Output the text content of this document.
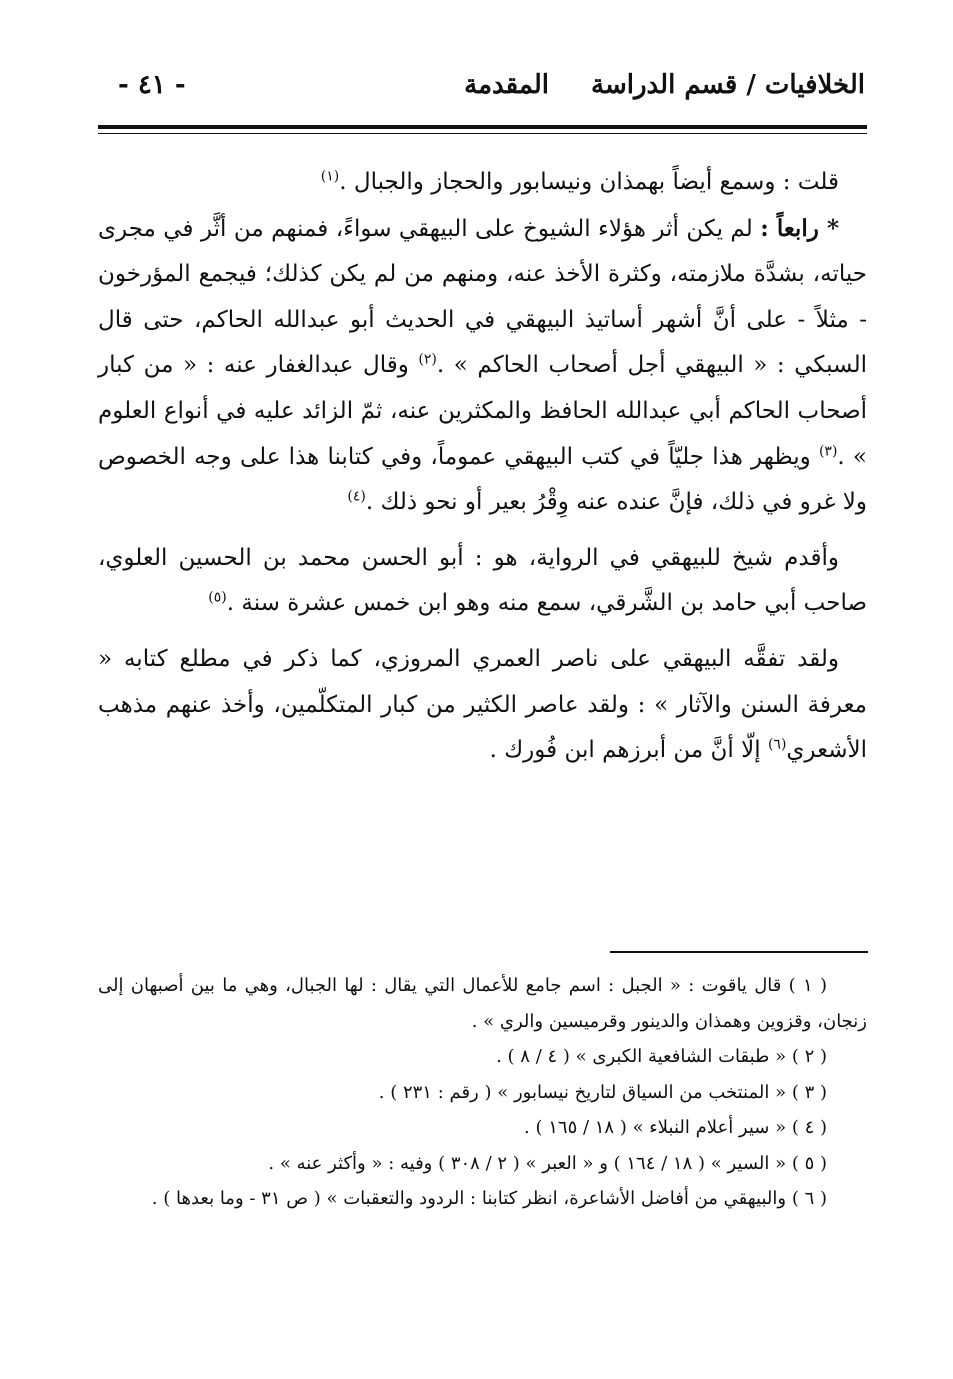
الخلافيات / قسم الدراسة
المقدمة
- ٤١ -

قلت : وسمع أيضاً بهمذان ونيسابور والحجاز والجبال .$^{(١)}$

* رابعاً : لم يكن أثر هؤلاء الشيوخ على البيهقي سواءً، فمنهم من أثَّر في مجرى حياته، بشدَّة ملازمته، وكثرة الأخذ عنه، ومنهم من لم يكن كذلك؛ فيجمع المؤرخون - مثلاً - على أنَّ أشهر أساتيذ البيهقي في الحديث أبو عبدالله الحاكم، حتى قال السبكي : « البيهقي أجل أصحاب الحاكم » .$^{(٢)}$ وقال عبدالغفار عنه : « من كبار أصحاب الحاكم أبي عبدالله الحافظ والمكثرين عنه، ثمّ الزائد عليه في أنواع العلوم » .$^{(٣)}$ ويظهر هذا جليّاً في كتب البيهقي عموماً، وفي كتابنا هذا على وجه الخصوص ولا غرو في ذلك، فإنَّ عنده عنه وِقْرُ بعير أو نحو ذلك .$^{(٤)}$

وأقدم شيخ للبيهقي في الرواية، هو : أبو الحسن محمد بن الحسين العلوي، صاحب أبي حامد بن الشَّرقي، سمع منه وهو ابن خمس عشرة سنة .$^{(٥)}$

ولقد تفقَّه البيهقي على ناصر العمري المروزي، كما ذكر في مطلع كتابه « معرفة السنن والآثار » : ولقد عاصر الكثير من كبار المتكلّمين، وأخذ عنهم مذهب الأشعري$^{(٦)}$ إلّا أنَّ من أبرزهم ابن فُورك .

( ١ ) قال ياقوت : « الجبل : اسم جامع للأعمال التي يقال : لها الجبال، وهي ما بين أصبهان إلى زنجان، وقزوين وهمذان والدينور وقرميسين والري » .

( ٢ ) « طبقات الشافعية الكبرى » ( ٤ / ٨ ) .

( ٣ ) « المنتخب من السياق لتاريخ نيسابور » ( رقم : ٢٣١ ) .

( ٤ ) « سير أعلام النبلاء » ( ١٨ / ١٦٥ ) .

( ٥ ) « السير » ( ١٨ / ١٦٤ ) و « العبر » ( ٢ / ٣٠٨ ) وفيه : « وأكثر عنه » .

( ٦ ) والبيهقي من أفاضل الأشاعرة، انظر كتابنا : الردود والتعقبات » ( ص ٣١ - وما بعدها ) .
